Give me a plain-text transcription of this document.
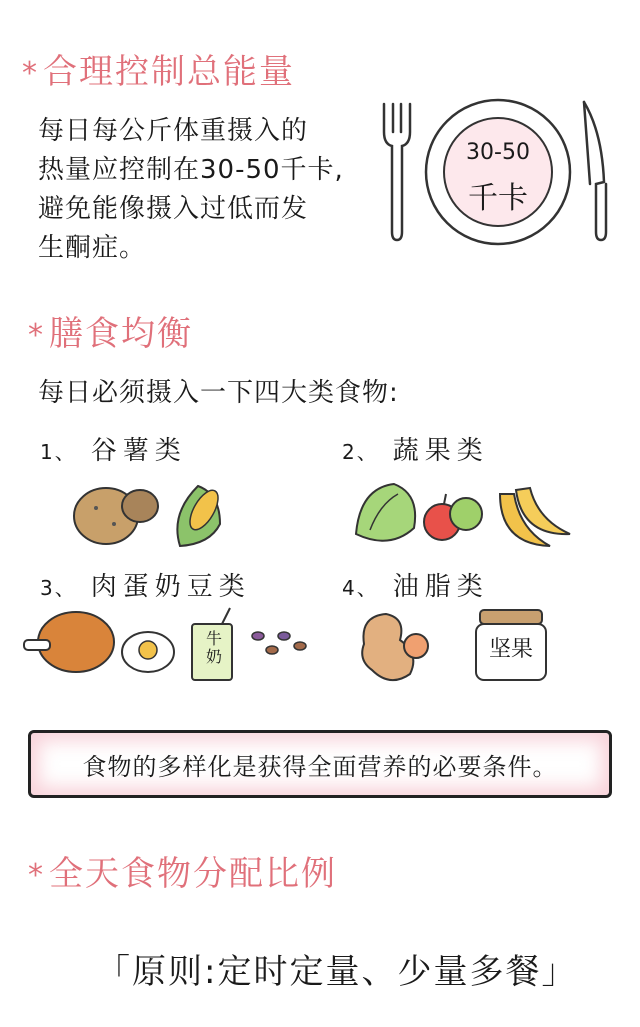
* 合理控制总能量
每日每公斤体重摄入的
热量应控制在30-50千卡,
避免能像摄入过低而发
生酮症。
30-50
千卡
* 膳食均衡
每日必须摄入一下四大类食物:
1、 谷薯类	2、 蔬果类
3、 肉蛋奶豆类	4、 油脂类
牛
奶	坚果
食物的多样化是获得全面营养的必要条件。
* 全天食物分配比例
「原则:定时定量、少量多餐」
